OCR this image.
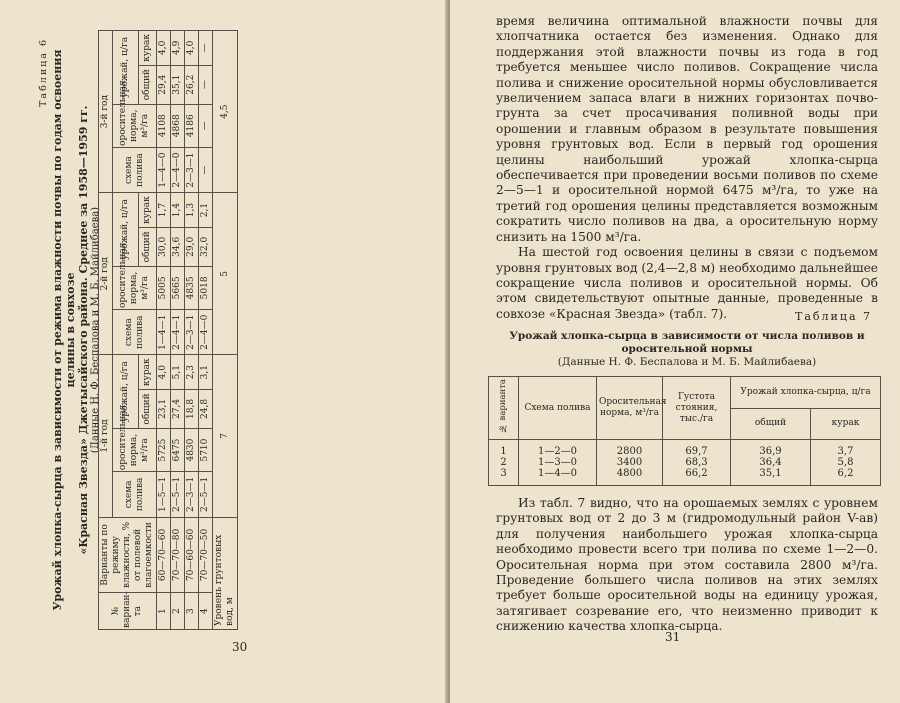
Таблица 6 Урожай хлопка-сырца в зависимости от режима влажности почвы по годам освоения целины в совхозе «Красная Звезда» Джетысайского района. Среднее за 1958—1959 гг. (Данные Н. Ф. Беспалова и М. Б. Майлибаева)
№ вариан-та	Варианты по режиму влажности, % от полевой влагоемкости	1-й год				2-й год				3-й год			
		схема полива	оросительная норма, м³/га	урожай, ц/га		схема полива	оросительная норма, м³/га	урожай, ц/га		схема полива	оросительная норма, м³/га	урожай, ц/га	
				общий	курак			общий	курак			общий	курак
1	60—70—60	1—5—1	5725	23,1	4,0	1—4—1	5005	30,0	1,7	1—4—0	4108	29,4	4,0
2	70—70—80	2—5—1	6475	27,4	5,1	2—4—1	5665	34,6	1,4	2—4—0	4868	35,1	4,9
3	70—60—60	2—3—1	4830	18,8	2,3	2—3—1	4835	29,0	1,3	2—3—1	4186	26,2	4,0
4	70—70—50	2—5—1	5710	24,8	3,1	2—4—0	5018	32,0	2,1	—	—	—	—
Уровень грунтовых вод, м		7				5				4,5			
30

время величина оптимальной влажности почвы для хлопчатника остается без изменения. Однако для поддержания этой влажности почвы из года в год требуется меньшее число поливов. Сокращение числа полива и снижение оросительной нормы обусловливается увеличением запаса влаги в нижних горизонтах почво-грунта за счет просачивания поливной воды при орошении и главным образом в результате повышения уровня грунтовых вод. Если в первый год орошения целины наибольший урожай хлопка-сырца обеспечивается при проведении восьми поливов по схеме 2—5—1 и оросительной нормой 6475 м³/га, то уже на третий год орошения целины представляется возможным сократить число поливов на два, а оросительную норму снизить на 1500 м³/га.

На шестой год освоения целины в связи с подъемом уровня грунтовых вод (2,4—2,8 м) необходимо дальнейшее сокращение числа поливов и оросительной нормы. Об этом свидетельствуют опытные данные, проведенные в совхозе «Красная Звезда» (табл. 7).	Таблица 7
Урожай хлопка-сырца в зависимости от числа поливов и оросительной нормы
(Данные Н. Ф. Беспалова и М. Б. Майлибаева)
№ варианта	Схема полива	Оросительная норма, м³/га	Густота стояния, тыс./га	Урожай хлопка-сырца, ц/га	
				общий	курак
1	1—2—0	2800	69,7	36,9	3,7
2	1—3—0	3400	68,3	36,4	5,8
3	1—4—0	4800	66,2	35,1	6,2

Из табл. 7 видно, что на орошаемых землях с уровнем грунтовых вод от 2 до 3 м (гидромодульный район V-ав) для получения наибольшего урожая хлопка-сырца необходимо провести всего три полива по схеме 1—2—0. Оросительная норма при этом составила 2800 м³/га. Проведение большего числа поливов на этих землях требует больше оросительной воды на единицу урожая, затягивает созревание его, что неизменно приводит к снижению качества хлопка-сырца.

31
